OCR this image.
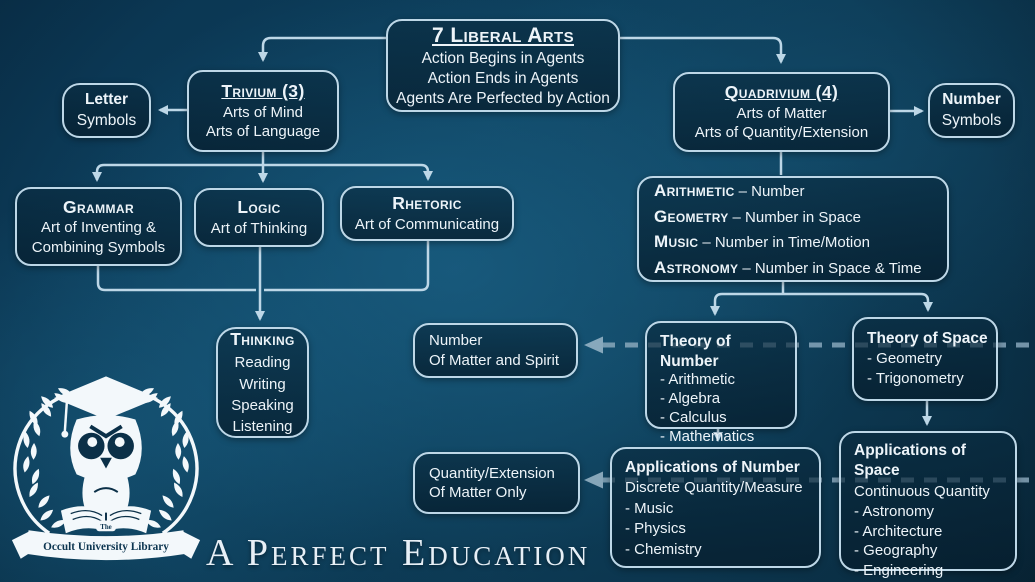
7 Liberal Arts
Action Begins in Agents
Action Ends in Agents
Agents Are Perfected by Action
Trivium (3)
Arts of Mind
Arts of Language
Letter
Symbols
Quadrivium (4)
Arts of Matter
Arts of Quantity/Extension
Number
Symbols
Grammar
Art of Inventing &
Combining Symbols
Logic
Art of Thinking
Rhetoric
Art of Communicating
Arithmetic – Number
Geometry – Number in Space
Music – Number in Time/Motion
Astronomy – Number in Space & Time
Thinking
Reading
Writing
Speaking
Listening
Number
Of Matter and Spirit
Theory of Number
- Arithmetic
- Algebra
- Calculus
- Mathematics
Theory of Space
- Geometry
- Trigonometry
Quantity/Extension
Of Matter Only
Applications of Number
Discrete Quantity/Measure
- Music
- Physics
- Chemistry
Applications of Space
Continuous Quantity
- Astronomy
- Architecture
- Geography
- Engineering
The
Occult University Library A Perfect Education
